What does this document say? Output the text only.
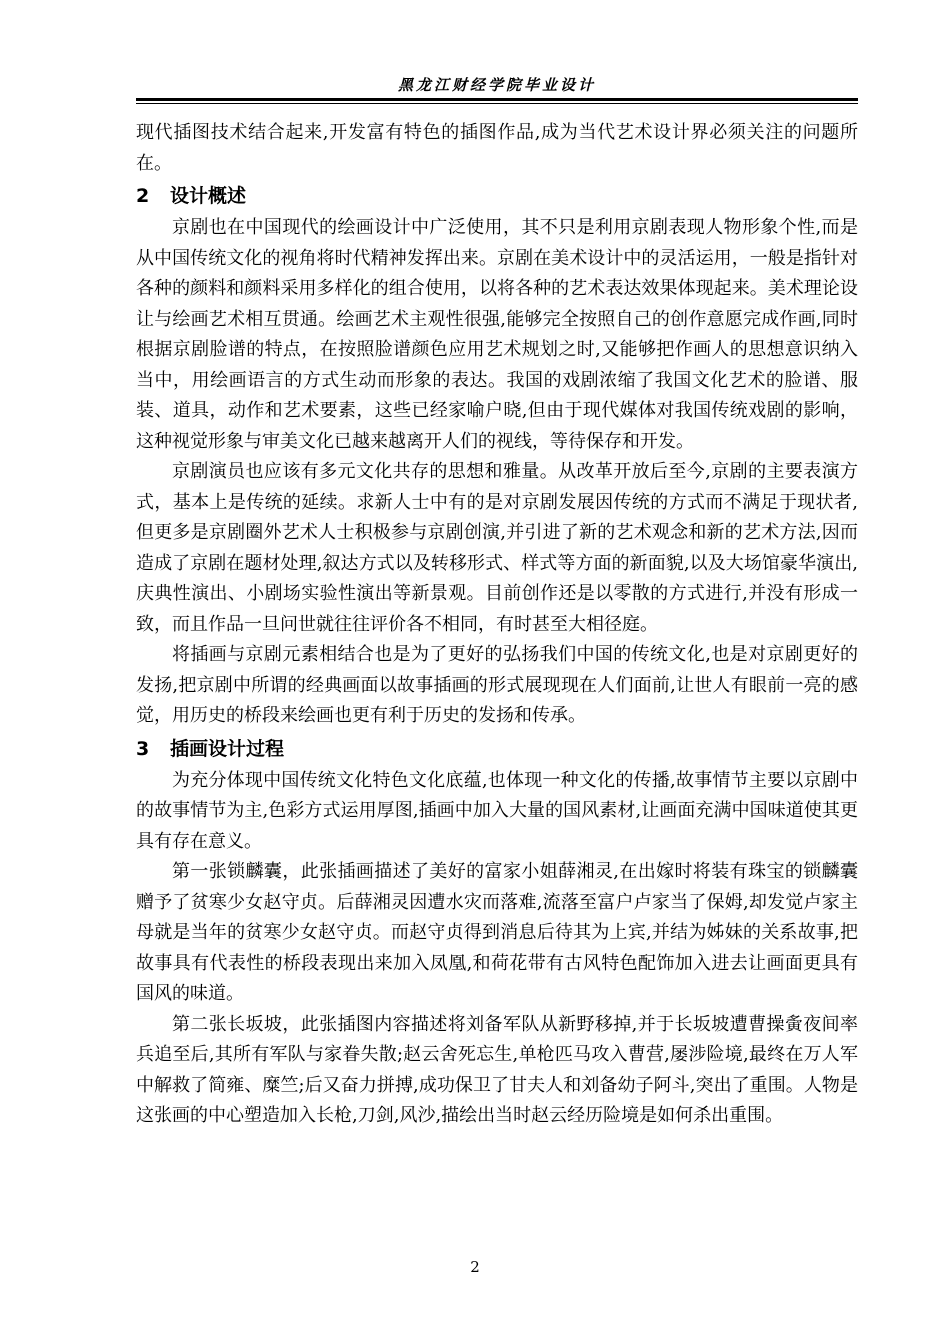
黑龙江财经学院毕业设计

现代插图技术结合起来,开发富有特色的插图作品,成为当代艺术设计界必须关注的问题所在。

2 设计概述

京剧也在中国现代的绘画设计中广泛使用，其不只是利用京剧表现人物形象个性,而是从中国传统文化的视角将时代精神发挥出来。京剧在美术设计中的灵活运用，一般是指针对各种的颜料和颜料采用多样化的组合使用，以将各种的艺术表达效果体现起来。美术理论设让与绘画艺术相互贯通。绘画艺术主观性很强,能够完全按照自己的创作意愿完成作画,同时根据京剧脸谱的特点，在按照脸谱颜色应用艺术规划之时,又能够把作画人的思想意识纳入当中，用绘画语言的方式生动而形象的表达。我国的戏剧浓缩了我国文化艺术的脸谱、服装、道具，动作和艺术要素，这些已经家喻户晓,但由于现代媒体对我国传统戏剧的影响，这种视觉形象与审美文化已越来越离开人们的视线，等待保存和开发。

京剧演员也应该有多元文化共存的思想和雅量。从改革开放后至今,京剧的主要表演方式，基本上是传统的延续。求新人士中有的是对京剧发展因传统的方式而不满足于现状者,但更多是京剧圈外艺术人士积极参与京剧创演,并引进了新的艺术观念和新的艺术方法,因而造成了京剧在题材处理,叙达方式以及转移形式、样式等方面的新面貌,以及大场馆豪华演出,庆典性演出、小剧场实验性演出等新景观。目前创作还是以零散的方式进行,并没有形成一致，而且作品一旦问世就往往评价各不相同，有时甚至大相径庭。

将插画与京剧元素相结合也是为了更好的弘扬我们中国的传统文化,也是对京剧更好的发扬,把京剧中所谓的经典画面以故事插画的形式展现现在人们面前,让世人有眼前一亮的感觉，用历史的桥段来绘画也更有利于历史的发扬和传承。

3 插画设计过程

为充分体现中国传统文化特色文化底蕴,也体现一种文化的传播,故事情节主要以京剧中的故事情节为主,色彩方式运用厚图,插画中加入大量的国风素材,让画面充满中国味道使其更具有存在意义。

第一张锁麟囊，此张插画描述了美好的富家小姐薛湘灵,在出嫁时将装有珠宝的锁麟囊赠予了贫寒少女赵守贞。后薛湘灵因遭水灾而落难,流落至富户卢家当了保姆,却发觉卢家主母就是当年的贫寒少女赵守贞。而赵守贞得到消息后待其为上宾,并结为姊妹的关系故事,把故事具有代表性的桥段表现出来加入凤凰,和荷花带有古风特色配饰加入进去让画面更具有国风的味道。

第二张长坂坡，此张插图内容描述将刘备军队从新野移掉,并于长坂坡遭曹操夤夜间率兵追至后,其所有军队与家眷失散;赵云舍死忘生,单枪匹马攻入曹营,屡涉险境,最终在万人军中解救了简雍、糜竺;后又奋力拼搏,成功保卫了甘夫人和刘备幼子阿斗,突出了重围。人物是这张画的中心塑造加入长枪,刀剑,风沙,描绘出当时赵云经历险境是如何杀出重围。

2
